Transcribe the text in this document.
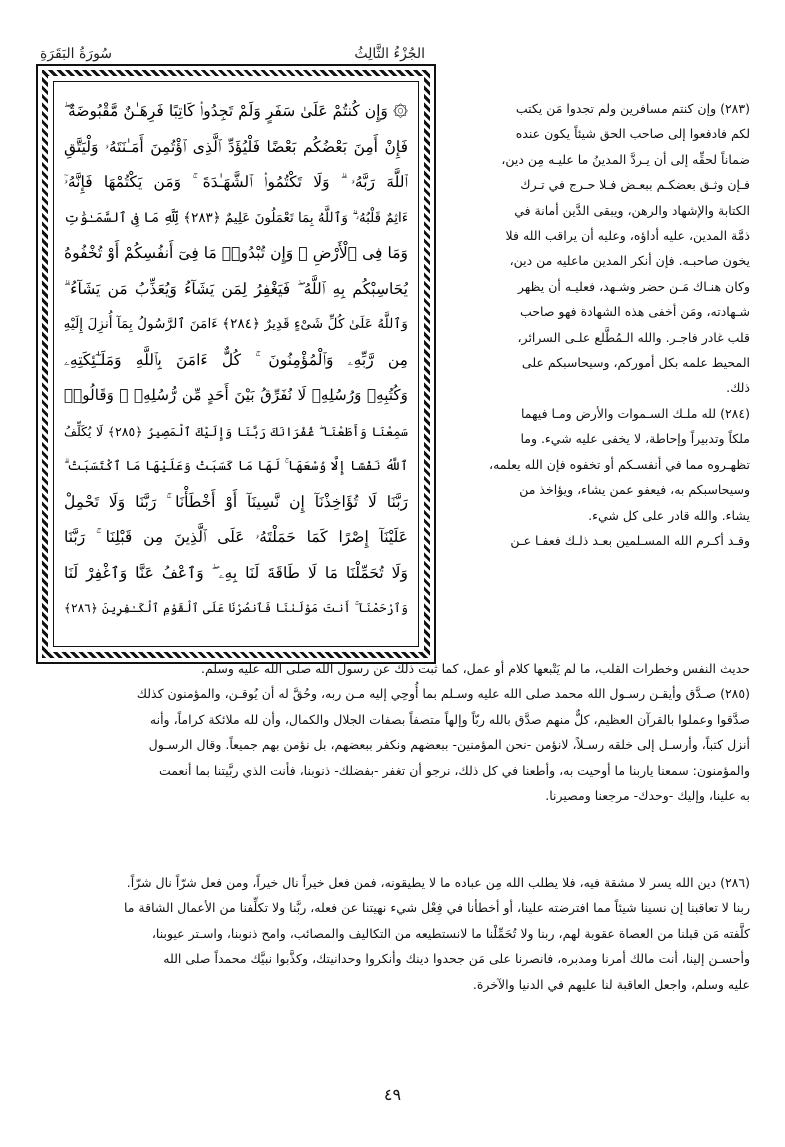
الجُزْءُ الثَّالِثُ
سُورَةُ البَقَرَةِ
۞ وَإِن كُنتُمْ عَلَىٰ سَفَرٍ وَلَمْ تَجِدُوا۟ كَاتِبًا فَرِهَـٰنٌ مَّقْبُوضَةٌ ۖ
فَإِنْ أَمِنَ بَعْضُكُم بَعْضًا فَلْيُؤَدِّ ٱلَّذِى ٱؤْتُمِنَ أَمَـٰنَتَهُۥ وَلْيَتَّقِ
ٱللَّهَ رَبَّهُۥ ۗ وَلَا تَكْتُمُوا۟ ٱلشَّهَـٰدَةَ ۚ وَمَن يَكْتُمْهَا فَإِنَّهُۥٓ
ءَاثِمٌ قَلْبُهُۥ ۗ وَٱللَّهُ بِمَا تَعْمَلُونَ عَلِيمٌ ﴿٢٨٣﴾ لِّلَّهِ مَا فِى ٱلسَّمَـٰوَٰتِ
وَمَا فِى ٱلْأَرْضِ ۗ وَإِن تُبْدُوا۟ مَا فِىٓ أَنفُسِكُمْ أَوْ تُخْفُوهُ
يُحَاسِبْكُم بِهِ ٱللَّهُ ۖ فَيَغْفِرُ لِمَن يَشَآءُ وَيُعَذِّبُ مَن يَشَآءُ ۗ
وَٱللَّهُ عَلَىٰ كُلِّ شَىْءٍ قَدِيرٌ ﴿٢٨٤﴾ ءَامَنَ ٱلرَّسُولُ بِمَآ أُنزِلَ إِلَيْهِ
مِن رَّبِّهِۦ وَٱلْمُؤْمِنُونَ ۚ كُلٌّ ءَامَنَ بِٱللَّهِ وَمَلَـٰٓئِكَتِهِۦ
وَكُتُبِهِۦ وَرُسُلِهِۦ لَا نُفَرِّقُ بَيْنَ أَحَدٍ مِّن رُّسُلِهِۦ ۚ وَقَالُوا۟
سَمِعْنَا وَأَطَعْنَا ۖ غُفْرَانَكَ رَبَّنَا وَإِلَيْكَ ٱلْمَصِيرُ ﴿٢٨٥﴾ لَا يُكَلِّفُ
ٱللَّهُ نَفْسًا إِلَّا وُسْعَهَا ۚ لَهَا مَا كَسَبَتْ وَعَلَيْهَا مَا ٱكْتَسَبَتْ ۗ
رَبَّنَا لَا تُؤَاخِذْنَآ إِن نَّسِينَآ أَوْ أَخْطَأْنَا ۚ رَبَّنَا وَلَا تَحْمِلْ
عَلَيْنَآ إِصْرًا كَمَا حَمَلْتَهُۥ عَلَى ٱلَّذِينَ مِن قَبْلِنَا ۚ رَبَّنَا
وَلَا تُحَمِّلْنَا مَا لَا طَاقَةَ لَنَا بِهِۦ ۖ وَٱعْفُ عَنَّا وَٱغْفِرْ لَنَا
وَٱرْحَمْنَآ ۚ أَنتَ مَوْلَىٰنَا فَٱنصُرْنَا عَلَى ٱلْقَوْمِ ٱلْكَـٰفِرِينَ ﴿٢٨٦﴾
(٢٨٣) وإن كنتم مسافرين ولم تجدوا مَن يكتب
لكم فادفعوا إلى صاحب الحق شيئاً يكون عنده
ضماناً لحقِّه إلى أن يـردَّ المدينُ ما عليـه مِن دين،
فـإن وثـق بعضكـم ببعـض فـلا حـرج في تـرك
الكتابة والإشهاد والرهن، ويبقى الدَّين أمانة في
ذمَّة المدين، عليه أداؤه، وعليه أن يراقب الله فلا
يخون صاحبـه. فإن أنكر المدين ماعليه من دين،
وكان هنـاك مَـن حضر وشـهد، فعليـه أن يظهر
شـهادته، ومَن أخفى هذه الشهادة فهو صاحب
قلب غادر فاجـر. والله الـمُطَّلع علـى السرائر،
المحيط علمه بكل أموركم، وسيحاسبكم على
ذلك.
(٢٨٤) لله ملـك السـموات والأرض ومـا فيهما
ملكاً وتدبيراً وإحاطة، لا يخفى عليه شيء. وما
تظهـروه مما في أنفسـكم أو تخفوه فإن الله يعلمه،
وسيحاسبكم به، فيعفو عمن يشاء، ويؤاخذ من
يشاء. والله قادر على كل شيء.
وقـد أكـرم الله المسـلمين بعـد ذلـك فعفـا عـن
حديث النفس وخطرات القلب، ما لم يَتْبعها كلام أو عمل، كما ثبت ذلك عن رسول الله صلى الله عليه وسلم.
(٢٨٥) صـدَّق وأيقـن رسـول الله محمد صلى الله عليه وسـلم بما أُوحِي إليه مـن ربه، وحُقَّ له أن يُوقـن، والمؤمنون كذلك
صدَّقوا وعملوا بالقرآن العظيم، كلٌّ منهم صدَّق بالله ربّاً وإلهاً متصفاً بصفات الجلال والكمال، وأن لله ملائكة كراماً، وأنه
أنزل كتباً، وأرسـل إلى خلقه رسـلاً، لانؤمن -نحن المؤمنين- ببعضهم ونكفر ببعضهم، بل نؤمن بهم جميعاً. وقال الرسـول
والمؤمنون: سمعنا ياربنا ما أوحيت به، وأطعنا في كل ذلك، نرجو أن تغفر -بفضلك- ذنوبنا، فأنت الذي ربَّيتنا بما أنعمت
به علينا، وإليك -وحدك- مرجعنا ومصيرنا.
(٢٨٦) دين الله يسر لا مشقة فيه، فلا يطلب الله مِن عباده ما لا يطيقونه، فمن فعل خيراً نال خيراً، ومن فعل شرّاً نال شرّاً.
ربنا لا تعاقبنا إن نسينا شيئاً مما افترضته علينا، أو أخطأنا في فِعْل شيء نهيتنا عن فعله، ربَّنا ولا تكلِّفنا من الأعمال الشاقة ما
كلَّفته مَن قبلنا من العصاة عقوبة لهم، ربنا ولا تُحَمِّلْنا ما لانستطيعه من التكاليف والمصائب، وامح ذنوبنا، واسـتر عيوبنا،
وأحسـن إلينا، أنت مالك أمرنا ومدبره، فانصرنا على مَن جحدوا دينك وأنكروا وحدانيتك، وكذَّبوا نبيَّك محمداً صلى الله
عليه وسلم، واجعل العاقبة لنا عليهم في الدنيا والآخرة.
٤٩
